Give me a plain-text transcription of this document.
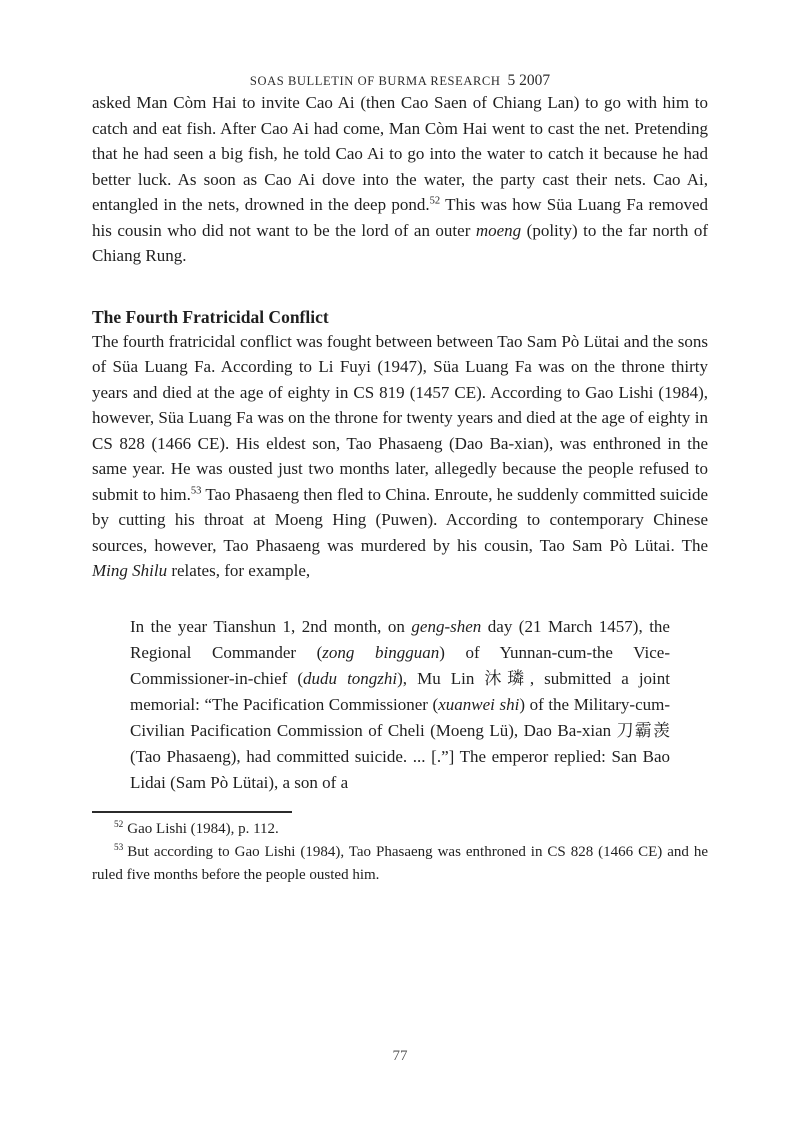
SOAS BULLETIN OF BURMA RESEARCH 5 2007

asked Man Còm Hai to invite Cao Ai (then Cao Saen of Chiang Lan) to go with him to catch and eat fish. After Cao Ai had come, Man Còm Hai went to cast the net. Pretending that he had seen a big fish, he told Cao Ai to go into the water to catch it because he had better luck. As soon as Cao Ai dove into the water, the party cast their nets. Cao Ai, entangled in the nets, drowned in the deep pond.$^{52}$ This was how Süa Luang Fa removed his cousin who did not want to be the lord of an outer moeng (polity) to the far north of Chiang Rung.

The Fourth Fratricidal Conflict

The fourth fratricidal conflict was fought between between Tao Sam Pò Lütai and the sons of Süa Luang Fa. According to Li Fuyi (1947), Süa Luang Fa was on the throne thirty years and died at the age of eighty in CS 819 (1457 CE). According to Gao Lishi (1984), however, Süa Luang Fa was on the throne for twenty years and died at the age of eighty in CS 828 (1466 CE). His eldest son, Tao Phasaeng (Dao Ba-xian), was enthroned in the same year. He was ousted just two months later, allegedly because the people refused to submit to him.$^{53}$ Tao Phasaeng then fled to China. Enroute, he suddenly committed suicide by cutting his throat at Moeng Hing (Puwen). According to contemporary Chinese sources, however, Tao Phasaeng was murdered by his cousin, Tao Sam Pò Lütai. The Ming Shilu relates, for example,

In the year Tianshun 1, 2nd month, on geng-shen day (21 March 1457), the Regional Commander (zong bingguan) of Yunnan-cum-the Vice-Commissioner-in-chief (dudu tongzhi), Mu Lin 沐璘, submitted a joint memorial: “The Pacification Commissioner (xuanwei shi) of the Military-cum-Civilian Pacification Commission of Cheli (Moeng Lü), Dao Ba-xian 刀霸羡 (Tao Phasaeng), had committed suicide. ... [.”] The emperor replied: San Bao Lidai (Sam Pò Lütai), a son of a

$^{52}$ Gao Lishi (1984), p. 112.

$^{53}$ But according to Gao Lishi (1984), Tao Phasaeng was enthroned in CS 828 (1466 CE) and he ruled five months before the people ousted him.

77
